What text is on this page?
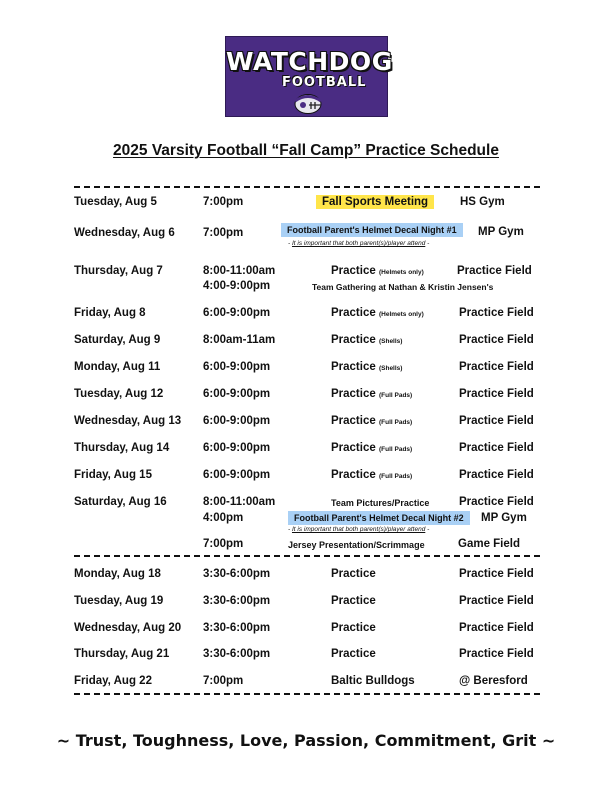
WATCHDOG
FOOTBALL
2025 Varsity Football “Fall Camp” Practice Schedule
Tuesday, Aug 5	7:00pm	Fall Sports Meeting	HS Gym
Wednesday, Aug 6 7:00pm	Football Parent's Helmet Decal Night #1	MP Gym
- It is important that both parent(s)/player attend -
Thursday, Aug 7	8:00-11:00am	Practice (Helmets only)	Practice Field
4:00-9:00pm	Team Gathering at Nathan & Kristin Jensen's
Friday, Aug 8	6:00-9:00pm	Practice (Helmets only)	Practice Field
Saturday, Aug 9	8:00am-11am	Practice (Shells)	Practice Field
Monday, Aug 11	6:00-9:00pm	Practice (Shells)	Practice Field
Tuesday, Aug 12	6:00-9:00pm	Practice (Full Pads)	Practice Field
Wednesday, Aug 13 6:00-9:00pm	Practice (Full Pads)	Practice Field
Thursday, Aug 14	6:00-9:00pm	Practice (Full Pads)	Practice Field
Friday, Aug 15	6:00-9:00pm	Practice (Full Pads)	Practice Field
Saturday, Aug 16	8:00-11:00am	Team Pictures/Practice	Practice Field
4:00pm	Football Parent's Helmet Decal Night #2	MP Gym
- It is important that both parent(s)/player attend -
7:00pm	Jersey Presentation/Scrimmage	Game Field
Monday, Aug 18	3:30-6:00pm	Practice	Practice Field
Tuesday, Aug 19	3:30-6:00pm	Practice	Practice Field
Wednesday, Aug 20 3:30-6:00pm	Practice	Practice Field
Thursday, Aug 21	3:30-6:00pm	Practice	Practice Field
Friday, Aug 22	7:00pm	Baltic Bulldogs	@ Beresford
~ Trust, Toughness, Love, Passion, Commitment, Grit ~
